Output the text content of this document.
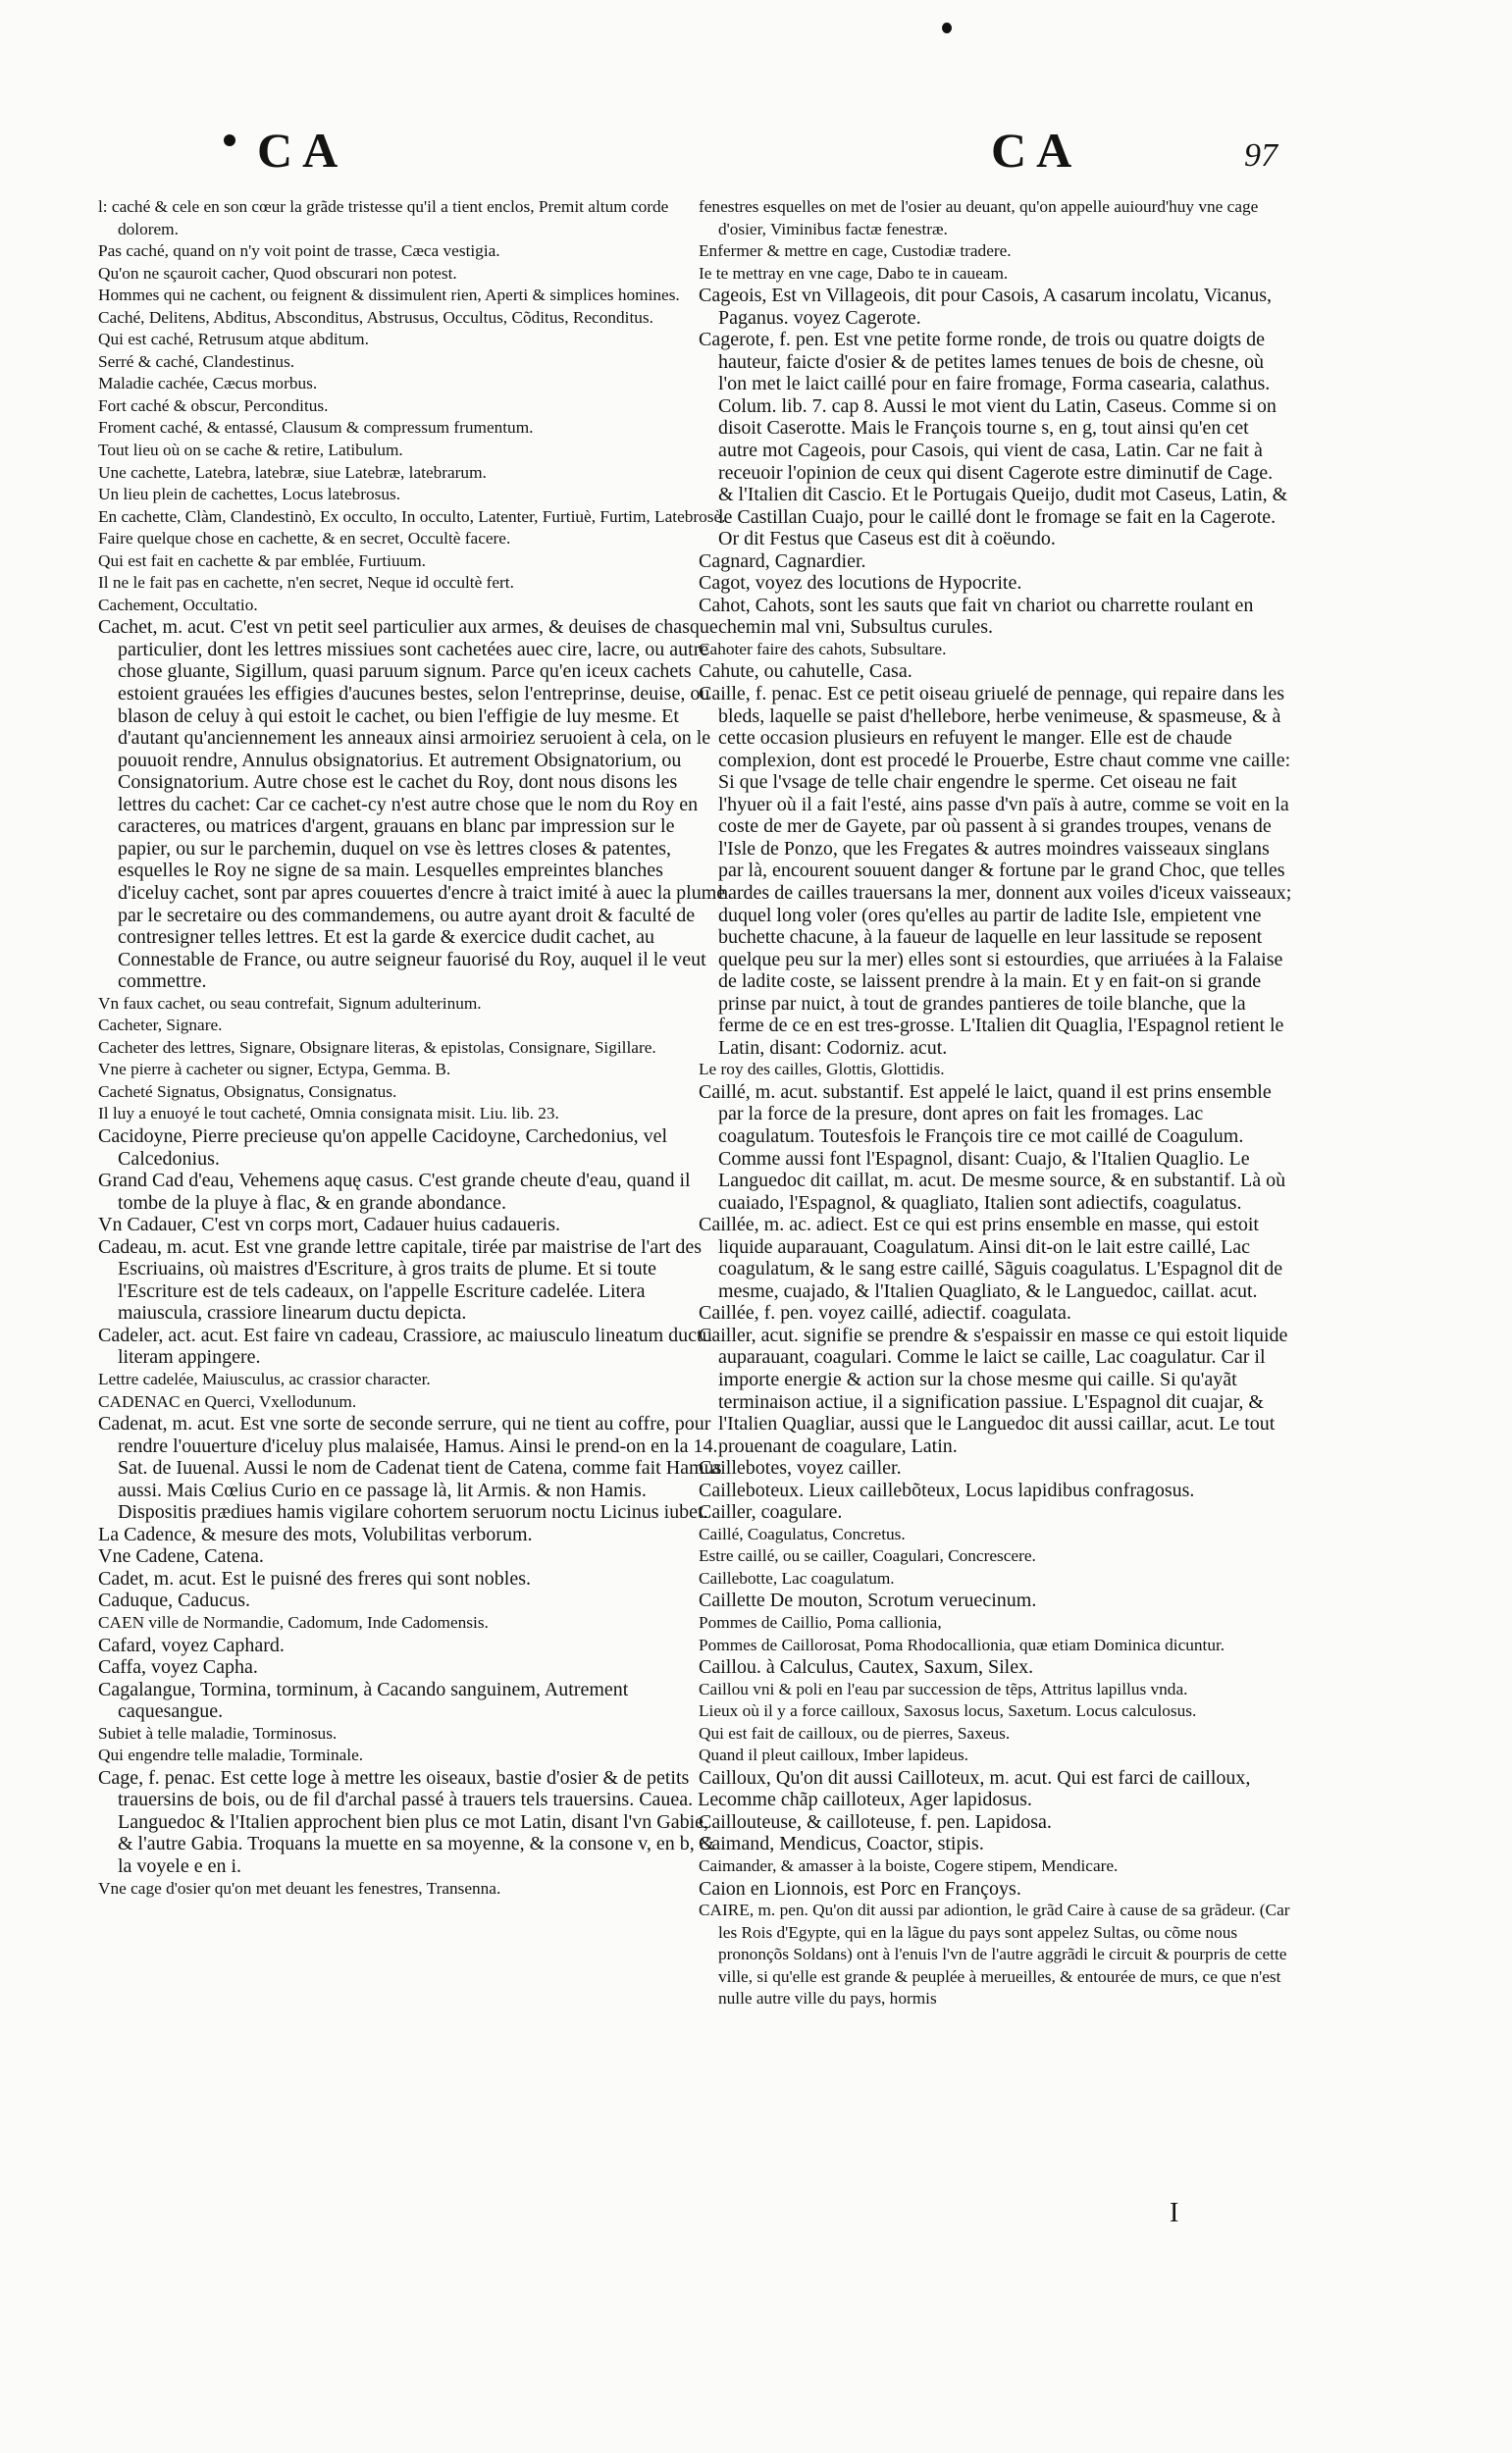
CA	CA	97

l: caché & cele en son cœur la grãde tristesse qu'il a tient enclos, Premit altum corde dolorem.

Pas caché, quand on n'y voit point de trasse, Cæca vestigia.

Qu'on ne sçauroit cacher, Quod obscurari non potest.

Hommes qui ne cachent, ou feignent & dissimulent rien, Aperti & simplices homines.

Caché, Delitens, Abditus, Absconditus, Abstrusus, Occultus, Cõditus, Reconditus.

Qui est caché, Retrusum atque abditum.

Serré & caché, Clandestinus.

Maladie cachée, Cæcus morbus.

Fort caché & obscur, Perconditus.

Froment caché, & entassé, Clausum & compressum frumentum.

Tout lieu où on se cache & retire, Latibulum.

Une cachette, Latebra, latebræ, siue Latebræ, latebrarum.

Un lieu plein de cachettes, Locus latebrosus.

En cachette, Clàm, Clandestinò, Ex occulto, In occulto, Latenter, Furtiuè, Furtim, Latebrosè.

Faire quelque chose en cachette, & en secret, Occultè facere.

Qui est fait en cachette & par emblée, Furtiuum.

Il ne le fait pas en cachette, n'en secret, Neque id occultè fert.

Cachement, Occultatio.

Cachet, m. acut. C'est vn petit seel particulier aux armes, & deuises de chasque particulier, dont les lettres missiues sont cachetées auec cire, lacre, ou autre chose gluante, Sigillum, quasi paruum signum. Parce qu'en iceux cachets estoient grauées les effigies d'aucunes bestes, selon l'entreprinse, deuise, ou blason de celuy à qui estoit le cachet, ou bien l'effigie de luy mesme. Et d'autant qu'anciennement les anneaux ainsi armoiriez seruoient à cela, on le pouuoit rendre, Annulus obsignatorius. Et autrement Obsignatorium, ou Consignatorium. Autre chose est le cachet du Roy, dont nous disons les lettres du cachet: Car ce cachet-cy n'est autre chose que le nom du Roy en caracteres, ou matrices d'argent, grauans en blanc par impression sur le papier, ou sur le parchemin, duquel on vse ès lettres closes & patentes, esquelles le Roy ne signe de sa main. Lesquelles empreintes blanches d'iceluy cachet, sont par apres couuertes d'encre à traict imité à auec la plume par le secretaire ou des commandemens, ou autre ayant droit & faculté de contresigner telles lettres. Et est la garde & exercice dudit cachet, au Connestable de France, ou autre seigneur fauorisé du Roy, auquel il le veut commettre.

Vn faux cachet, ou seau contrefait, Signum adulterinum.

Cacheter, Signare.

Cacheter des lettres, Signare, Obsignare literas, & epistolas, Consignare, Sigillare.

Vne pierre à cacheter ou signer, Ectypa, Gemma. B.

Cacheté Signatus, Obsignatus, Consignatus.

Il luy a enuoyé le tout cacheté, Omnia consignata misit. Liu. lib. 23.

Cacidoyne, Pierre precieuse qu'on appelle Cacidoyne, Carchedonius, vel Calcedonius.

Grand Cad d'eau, Vehemens aquę casus. C'est grande cheute d'eau, quand il tombe de la pluye à flac, & en grande abondance.

Vn Cadauer, C'est vn corps mort, Cadauer huius cadaueris.

Cadeau, m. acut. Est vne grande lettre capitale, tirée par maistrise de l'art des Escriuains, où maistres d'Escriture, à gros traits de plume. Et si toute l'Escriture est de tels cadeaux, on l'appelle Escriture cadelée. Litera maiuscula, crassiore linearum ductu depicta.

Cadeler, act. acut. Est faire vn cadeau, Crassiore, ac maiusculo lineatum ductu literam appingere.

Lettre cadelée, Maiusculus, ac crassior character.

CADENAC en Querci, Vxellodunum.

Cadenat, m. acut. Est vne sorte de seconde serrure, qui ne tient au coffre, pour rendre l'ouuerture d'iceluy plus malaisée, Hamus. Ainsi le prend-on en la 14. Sat. de Iuuenal. Aussi le nom de Cadenat tient de Catena, comme fait Hamus aussi. Mais Cœlius Curio en ce passage là, lit Armis. & non Hamis. Dispositis prædiues hamis vigilare cohortem seruorum noctu Licinus iubet.

La Cadence, & mesure des mots, Volubilitas verborum.

Vne Cadene, Catena.

Cadet, m. acut. Est le puisné des freres qui sont nobles.

Caduque, Caducus.

CAEN ville de Normandie, Cadomum, Inde Cadomensis.

Cafard, voyez Caphard.

Caffa, voyez Capha.

Cagalangue, Tormina, torminum, à Cacando sanguinem, Autrement caquesangue.

Subiet à telle maladie, Torminosus.

Qui engendre telle maladie, Torminale.

Cage, f. penac. Est cette loge à mettre les oiseaux, bastie d'osier & de petits trauersins de bois, ou de fil d'archal passé à trauers tels trauersins. Cauea. Le Languedoc & l'Italien approchent bien plus ce mot Latin, disant l'vn Gabie, & l'autre Gabia. Troquans la muette en sa moyenne, & la consone v, en b, & la voyele e en i.

Vne cage d'osier qu'on met deuant les fenestres, Transenna.

fenestres esquelles on met de l'osier au deuant, qu'on appelle auiourd'huy vne cage d'osier, Viminibus factæ fenestræ.

Enfermer & mettre en cage, Custodiæ tradere.

Ie te mettray en vne cage, Dabo te in caueam.

Cageois, Est vn Villageois, dit pour Casois, A casarum incolatu, Vicanus, Paganus. voyez Cagerote.

Cagerote, f. pen. Est vne petite forme ronde, de trois ou quatre doigts de hauteur, faicte d'osier & de petites lames tenues de bois de chesne, où l'on met le laict caillé pour en faire fromage, Forma casearia, calathus. Colum. lib. 7. cap 8. Aussi le mot vient du Latin, Caseus. Comme si on disoit Caserotte. Mais le François tourne s, en g, tout ainsi qu'en cet autre mot Cageois, pour Casois, qui vient de casa, Latin. Car ne fait à receuoir l'opinion de ceux qui disent Cagerote estre diminutif de Cage. & l'Italien dit Cascio. Et le Portugais Queijo, dudit mot Caseus, Latin, & le Castillan Cuajo, pour le caillé dont le fromage se fait en la Cagerote. Or dit Festus que Caseus est dit à coëundo.

Cagnard, Cagnardier.

Cagot, voyez des locutions de Hypocrite.

Cahot, Cahots, sont les sauts que fait vn chariot ou charrette roulant en chemin mal vni, Subsultus curules.

Cahoter faire des cahots, Subsultare.

Cahute, ou cahutelle, Casa.

Caille, f. penac. Est ce petit oiseau griuelé de pennage, qui repaire dans les bleds, laquelle se paist d'hellebore, herbe venimeuse, & spasmeuse, & à cette occasion plusieurs en refuyent le manger. Elle est de chaude complexion, dont est procedé le Prouerbe, Estre chaut comme vne caille: Si que l'vsage de telle chair engendre le sperme. Cet oiseau ne fait l'hyuer où il a fait l'esté, ains passe d'vn païs à autre, comme se voit en la coste de mer de Gayete, par où passent à si grandes troupes, venans de l'Isle de Ponzo, que les Fregates & autres moindres vaisseaux singlans par là, encourent souuent danger & fortune par le grand Choc, que telles hardes de cailles trauersans la mer, donnent aux voiles d'iceux vaisseaux; duquel long voler (ores qu'elles au partir de ladite Isle, empietent vne buchette chacune, à la faueur de laquelle en leur lassitude se reposent quelque peu sur la mer) elles sont si estourdies, que arriuées à la Falaise de ladite coste, se laissent prendre à la main. Et y en fait-on si grande prinse par nuict, à tout de grandes pantieres de toile blanche, que la ferme de ce en est tres-grosse. L'Italien dit Quaglia, l'Espagnol retient le Latin, disant: Codorniz. acut.

Le roy des cailles, Glottis, Glottidis.

Caillé, m. acut. substantif. Est appelé le laict, quand il est prins ensemble par la force de la presure, dont apres on fait les fromages. Lac coagulatum. Toutesfois le François tire ce mot caillé de Coagulum. Comme aussi font l'Espagnol, disant: Cuajo, & l'Italien Quaglio. Le Languedoc dit caillat, m. acut. De mesme source, & en substantif. Là où cuaiado, l'Espagnol, & quagliato, Italien sont adiectifs, coagulatus.

Caillée, m. ac. adiect. Est ce qui est prins ensemble en masse, qui estoit liquide auparauant, Coagulatum. Ainsi dit-on le lait estre caillé, Lac coagulatum, & le sang estre caillé, Sãguis coagulatus. L'Espagnol dit de mesme, cuajado, & l'Italien Quagliato, & le Languedoc, caillat. acut.

Caillée, f. pen. voyez caillé, adiectif. coagulata.

Cailler, acut. signifie se prendre & s'espaissir en masse ce qui estoit liquide auparauant, coagulari. Comme le laict se caille, Lac coagulatur. Car il importe energie & action sur la chose mesme qui caille. Si qu'ayãt terminaison actiue, il a signification passiue. L'Espagnol dit cuajar, & l'Italien Quagliar, aussi que le Languedoc dit aussi caillar, acut. Le tout prouenant de coagulare, Latin.

Caillebotes, voyez cailler.

Cailleboteux. Lieux caillebõteux, Locus lapidibus confragosus.

Cailler, coagulare.

Caillé, Coagulatus, Concretus.

Estre caillé, ou se cailler, Coagulari, Concrescere.

Caillebotte, Lac coagulatum.

Caillette De mouton, Scrotum veruecinum.

Pommes de Caillio, Poma callionia,

Pommes de Caillorosat, Poma Rhodocallionia, quæ etiam Dominica dicuntur.

Caillou. à Calculus, Cautex, Saxum, Silex.

Caillou vni & poli en l'eau par succession de tẽps, Attritus lapillus vnda.

Lieux où il y a force cailloux, Saxosus locus, Saxetum. Locus calculosus.

Qui est fait de cailloux, ou de pierres, Saxeus.

Quand il pleut cailloux, Imber lapideus.

Cailloux, Qu'on dit aussi Cailloteux, m. acut. Qui est farci de cailloux, comme chãp cailloteux, Ager lapidosus.

Caillouteuse, & cailloteuse, f. pen. Lapidosa.

Caimand, Mendicus, Coactor, stipis.

Caimander, & amasser à la boiste, Cogere stipem, Mendicare.

Caion en Lionnois, est Porc en Françoys.

CAIRE, m. pen. Qu'on dit aussi par adiontion, le grãd Caire à cause de sa grãdeur. (Car les Rois d'Egypte, qui en la lãgue du pays sont appelez Sultas, ou cõme nous prononçõs Soldans) ont à l'enuis l'vn de l'autre aggrãdi le circuit & pourpris de cette ville, si qu'elle est grande & peuplée à merueilles, & entourée de murs, ce que n'est nulle autre ville du pays, hormis

I
